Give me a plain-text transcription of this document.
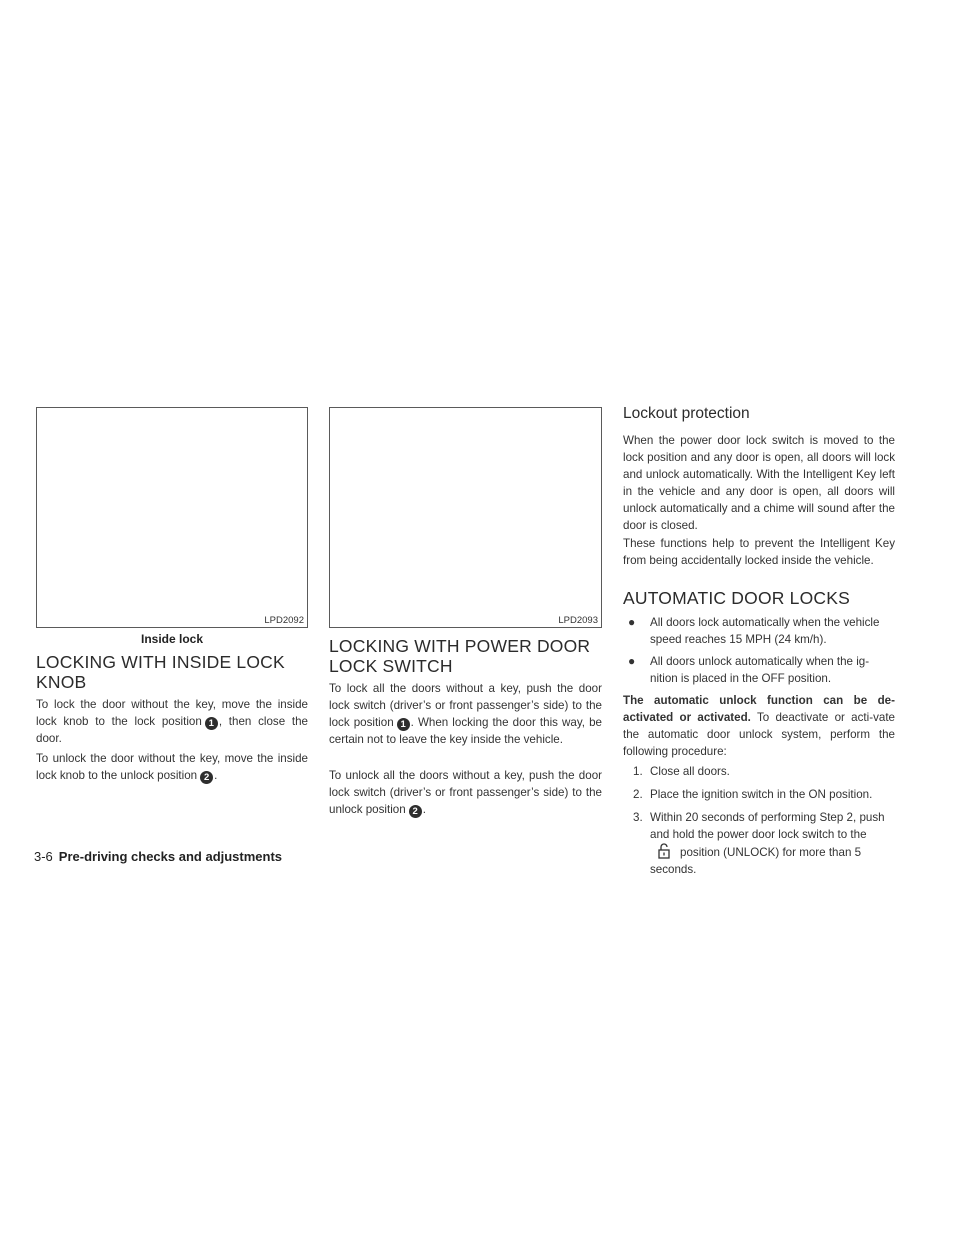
LPD2092
Inside lock
LPD2093
LOCKING WITH INSIDE LOCK
KNOB

To lock the door without the key, move the inside lock knob to the lock position 1 , then close the door.

To unlock the door without the key, move the inside lock knob to the unlock position 2 .

LOCKING WITH POWER DOOR
LOCK SWITCH

To lock all the doors without a key, push the door lock switch (driver’s or front passenger’s side) to the lock position 1 . When locking the door this way, be certain not to leave the key inside the vehicle.

To unlock all the doors without a key, push the door lock switch (driver’s or front passenger’s side) to the unlock position 2 .

Lockout protection

When the power door lock switch is moved to the lock position and any door is open, all doors will lock and unlock automatically. With the Intelligent Key left in the vehicle and any door is open, all doors will unlock automatically and a chime will sound after the door is closed.

These functions help to prevent the Intelligent Key from being accidentally locked inside the vehicle.

AUTOMATIC DOOR LOCKS
● All doors lock automatically when the vehicle speed reaches 15 MPH (24 km/h).
● All doors unlock automatically when the ig-nition is placed in the OFF position.

The automatic unlock function can be de-activated or activated. To deactivate or acti-vate the automatic door unlock system, perform the following procedure:

1. Close all doors.
2. Place the ignition switch in the ON position.
3. Within 20 seconds of performing Step 2, push and hold the power door lock switch to theposition (UNLOCK) for more than 5 seconds.
3-6 Pre-driving checks and adjustments
